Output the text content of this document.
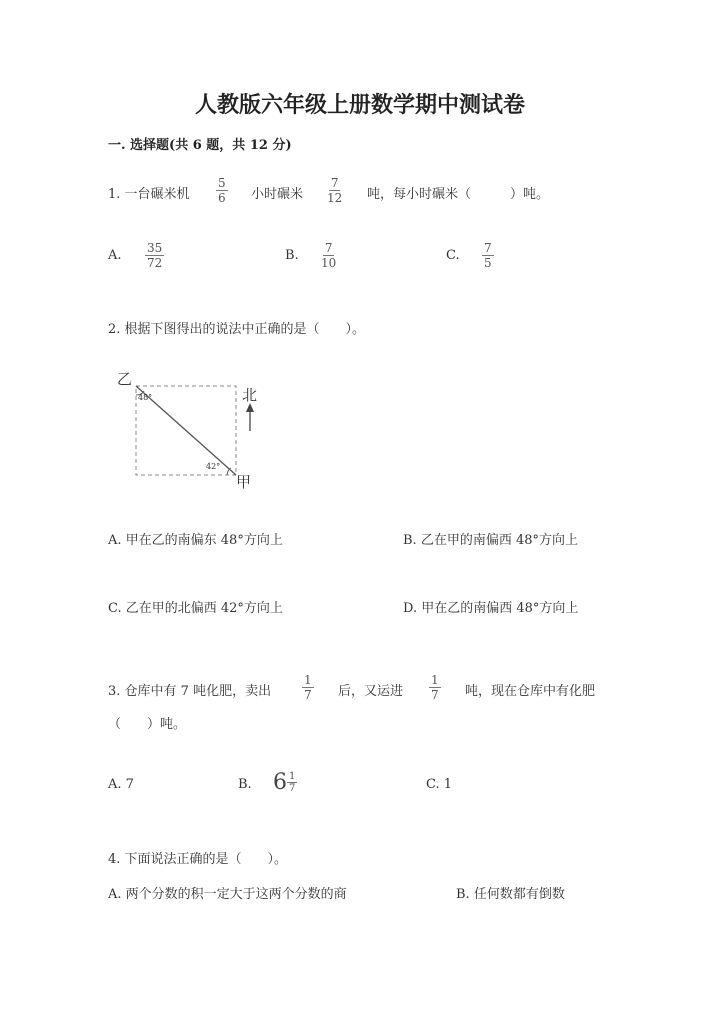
人教版六年级上册数学期中测试卷
一. 选择题(共 6 题，共 12 分)
1. 一台碾米机 $\frac{5}{6}$ 小时碾米 $\frac{7}{12}$ 吨，每小时碾米（　　　）吨。
A. $\frac{35}{72}$	B. $\frac{7}{10}$	C. $\frac{7}{5}$
2. 根据下图得出的说法中正确的是（　　）。
乙
48°
42°
北
甲
A. 甲在乙的南偏东 48°方向上	B. 乙在甲的南偏西 48°方向上
C. 乙在甲的北偏西 42°方向上	D. 甲在乙的南偏西 48°方向上
3. 仓库中有 7 吨化肥，卖出	$\frac{1}{7}$ 后，又运进 $\frac{1}{7}$ 吨，现在仓库中有化肥
（　　）吨。
A. 7	B. $6 \frac{1}{7}$	C. 1
4. 下面说法正确的是（　　）。
A. 两个分数的积一定大于这两个分数的商	B. 任何数都有倒数
